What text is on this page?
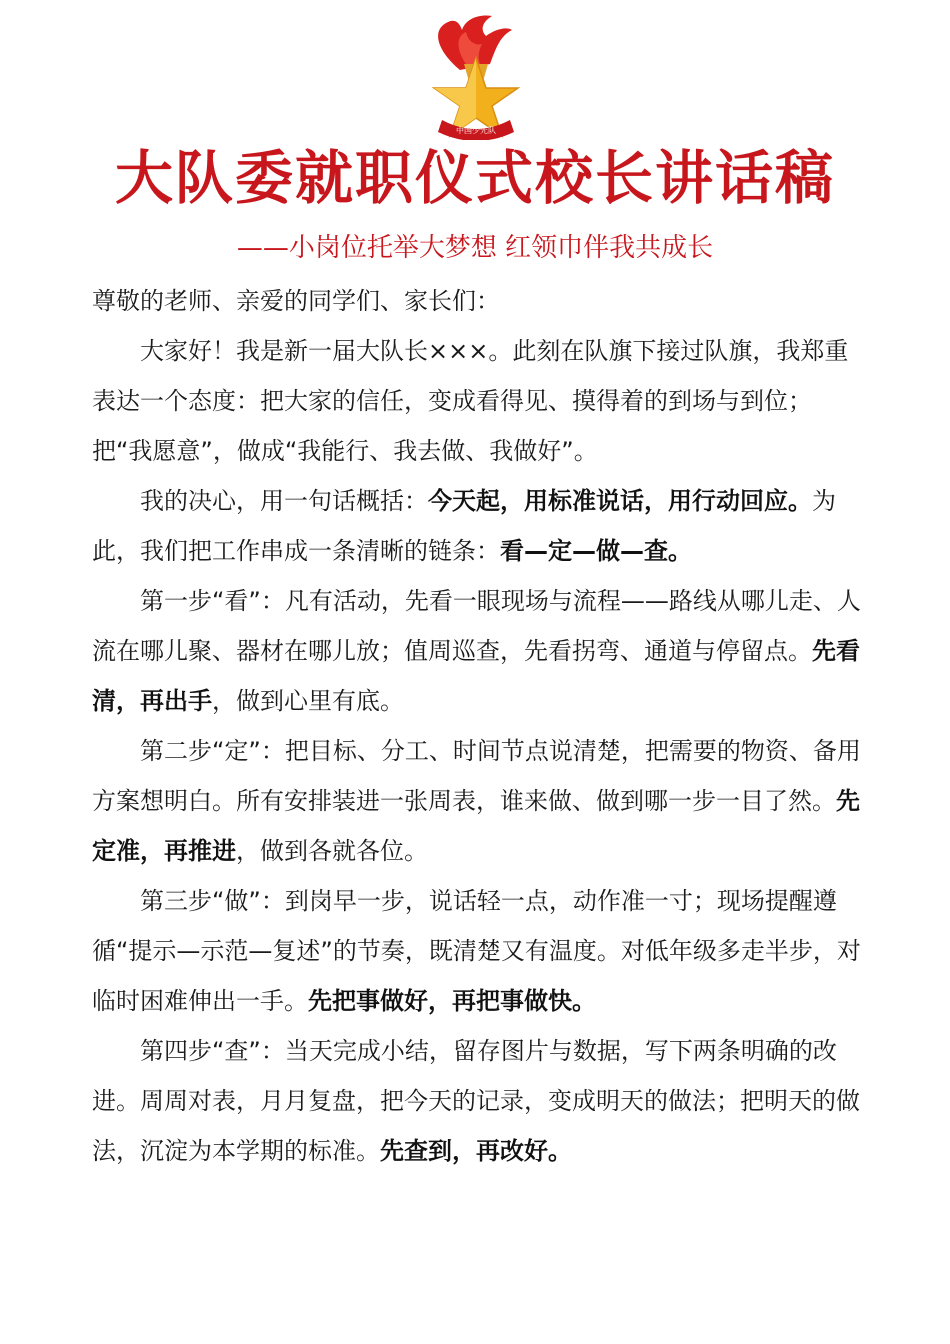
中国少先队
大队委就职仪式校长讲话稿
——小岗位托举大梦想 红领巾伴我共成长

尊敬的老师、亲爱的同学们、家长们：

大家好！我是新一届大队长×××。此刻在队旗下接过队旗，我郑重表达一个态度：把大家的信任，变成看得见、摸得着的到场与到位；把“我愿意”，做成“我能行、我去做、我做好”。

我的决心，用一句话概括：今天起，用标准说话，用行动回应。为此，我们把工作串成一条清晰的链条：看—定—做—查。

第一步“看”：凡有活动，先看一眼现场与流程——路线从哪儿走、人流在哪儿聚、器材在哪儿放；值周巡查，先看拐弯、通道与停留点。先看清，再出手，做到心里有底。

第二步“定”：把目标、分工、时间节点说清楚，把需要的物资、备用方案想明白。所有安排装进一张周表，谁来做、做到哪一步一目了然。先定准，再推进，做到各就各位。

第三步“做”：到岗早一步，说话轻一点，动作准一寸；现场提醒遵循“提示—示范—复述”的节奏，既清楚又有温度。对低年级多走半步，对临时困难伸出一手。先把事做好，再把事做快。

第四步“查”：当天完成小结，留存图片与数据，写下两条明确的改进。周周对表，月月复盘，把今天的记录，变成明天的做法；把明天的做法，沉淀为本学期的标准。先查到，再改好。
